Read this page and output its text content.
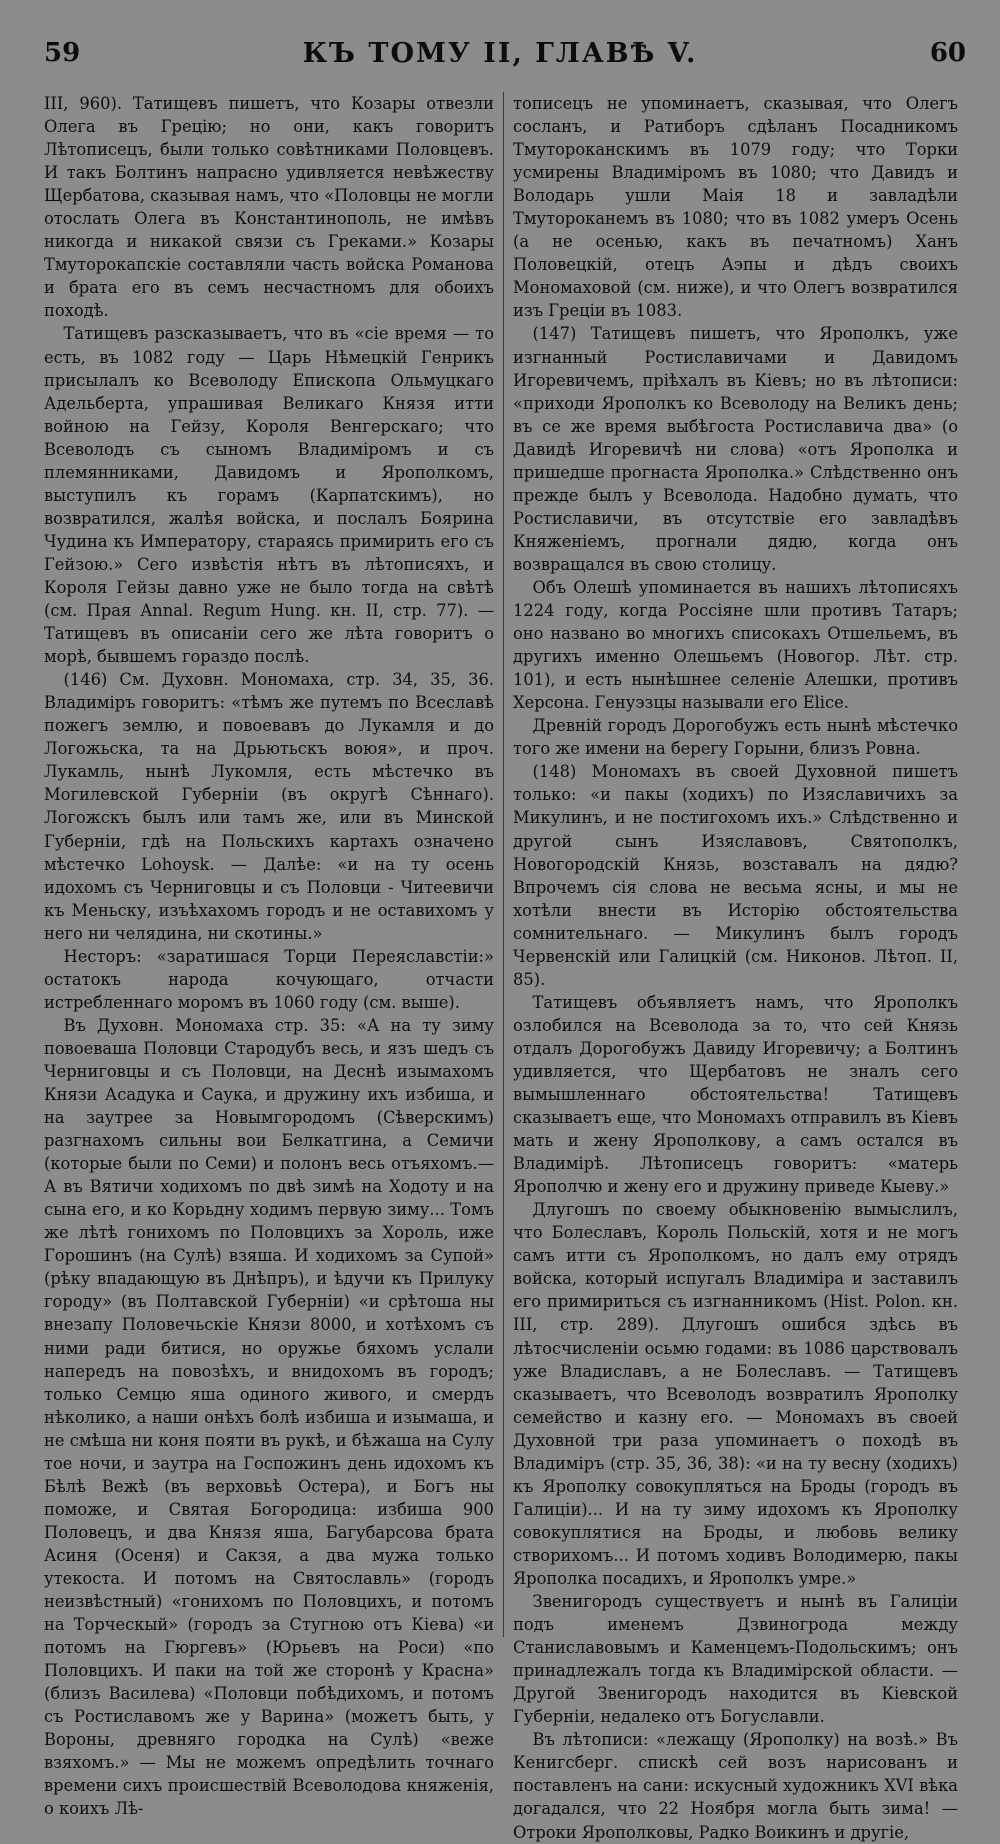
59	КЪ ТОМУ II, ГЛАВѢ V.	60

III, 960). Татищевъ пишетъ, что Козары отвезли Олега въ Грецію; но они, какъ говоритъ Лѣтописецъ, были только совѣтниками Половцевъ. И такъ Болтинъ напрасно удивляется невѣжеству Щербатова, сказывая намъ, что «Половцы не могли отослать Олега въ Константинополь, не имѣвъ никогда и никакой связи съ Греками.» Козары Тмуторокапскіе составляли часть войска Романова и брата его въ семъ несчастномъ для обоихъ походѣ.

Татищевъ разсказываетъ, что въ «сіе время — то есть, въ 1082 году — Царь Нѣмецкій Генрикъ присылалъ ко Всеволоду Епископа Ольмуцкаго Адельберта, упрашивая Великаго Князя итти войною на Гейзу, Короля Венгерскаго; что Всеволодъ съ сыномъ Владиміромъ и съ племянниками, Давидомъ и Ярополкомъ, выступилъ къ горамъ (Карпатскимъ), но возвратился, жалѣя войска, и послалъ Боярина Чудина къ Императору, стараясь примирить его съ Гейзою.» Сего извѣстія нѣтъ въ лѣтописяхъ, и Короля Гейзы давно уже не было тогда на свѣтѣ (см. Прая Annal. Regum Hung. кн. II, стр. 77). — Татищевъ въ описаніи сего же лѣта говоритъ о морѣ, бывшемъ гораздо послѣ.

(146) См. Духовн. Мономаха, стр. 34, 35, 36. Владиміръ говоритъ: «тѣмъ же путемъ по Всеславѣ пожегъ землю, и повоевавъ до Лукамля и до Логожьска, та на Дрьютьскъ воюя», и проч. Лукамль, нынѣ Лукомля, есть мѣстечко въ Могилевской Губерніи (въ округѣ Сѣннаго). Логожскъ былъ или тамъ же, или въ Минской Губерніи, гдѣ на Польскихъ картахъ означено мѣстечко Lohoysk. — Далѣе: «и на ту осень идохомъ съ Черниговцы и съ Половци - Читеевичи къ Меньску, изъѣхахомъ городъ и не оставихомъ у него ни челядина, ни скотины.»

Несторъ: «заратишася Торци Переяславстіи:» остатокъ народа кочующаго, отчасти истребленнаго моромъ въ 1060 году (см. выше).

Въ Духовн. Мономаха стр. 35: «А на ту зиму повоеваша Половци Стародубъ весь, и язъ шедъ съ Черниговцы и съ Половци, на Деснѣ изымахомъ Князи Асадука и Саука, и дружину ихъ избиша, и на заутрее за Новымгородомъ (Сѣверскимъ) разгнахомъ сильны вои Белкатгина, а Семичи (которые были по Семи) и полонъ весь отъяхомъ.— А въ Вятичи ходихомъ по двѣ зимѣ на Ходоту и на сына его, и ко Корьдну ходимъ первую зиму... Томъ же лѣтѣ гонихомъ по Половцихъ за Хороль, иже Горошинъ (на Сулѣ) взяша. И ходихомъ за Супой» (рѣку впадающую въ Днѣпръ), и ѣдучи къ Прилуку городу» (въ Полтавской Губерніи) «и срѣтоша ны внезапу Половечьскіе Князи 8000, и хотѣхомъ съ ними ради битися, но оружье бяхомъ услали напередъ на повозѣхъ, и внидохомъ въ городъ; только Семцю яша одиного живого, и смердъ нѣколико, а наши онѣхъ болѣ избиша и изымаша, и не смѣша ни коня пояти въ рукѣ, и бѣжаша на Сулу тое ночи, и заутра на Госпожинъ день идохомъ къ Бѣлѣ Вежѣ (въ верховьѣ Остера), и Богъ ны поможе, и Святая Богородица: избиша 900 Половецъ, и два Князя яша, Багубарсова брата Асиня (Осеня) и Сакзя, а два мужа только утекоста. И потомъ на Святославль» (городъ неизвѣстный) «гонихомъ по Половцихъ, и потомъ на Торческый» (городъ за Стугною отъ Кіева) «и потомъ на Гюргевъ» (Юрьевъ на Роси) «по Половцихъ. И паки на той же сторонѣ у Красна» (близъ Василева) «Половци побѣдихомъ, и потомъ съ Ростиславомъ же у Варина» (можетъ быть, у Вороны, древняго городка на Сулѣ) «веже взяхомъ.» — Мы не можемъ опредѣлить точнаго времени сихъ происшествій Всеволодова княженія, о коихъ Лѣ-

тописецъ не упоминаетъ, сказывая, что Олегъ сосланъ, и Ратиборъ сдѣланъ Посадникомъ Тмутороканскимъ въ 1079 году; что Торки усмирены Владиміромъ въ 1080; что Давидъ и Володарь ушли Маія 18 и завладѣли Тмутороканемъ въ 1080; что въ 1082 умеръ Осень (а не осенью, какъ въ печатномъ) Ханъ Половецкій, отецъ Аэпы и дѣдъ своихъ Мономаховой (см. ниже), и что Олегъ возвратился изъ Греціи въ 1083.

(147) Татищевъ пишетъ, что Ярополкъ, уже изгнанный Ростиславичами и Давидомъ Игоревичемъ, пріѣхалъ въ Кіевъ; но въ лѣтописи: «приходи Ярополкъ ко Всеволоду на Великъ день; въ се же время выбѣгоста Ростиславича два» (о Давидѣ Игоревичѣ ни слова) «отъ Ярополка и пришедше прогнаста Ярополка.» Слѣдственно онъ прежде былъ у Всеволода. Надобно думать, что Ростиславичи, въ отсутствіе его завладѣвъ Княженіемъ, прогнали дядю, когда онъ возвращался въ свою столицу.

Объ Олешѣ упоминается въ нашихъ лѣтописяхъ 1224 году, когда Россіяне шли противъ Татаръ; оно названо во многихъ списокахъ Отшельемъ, въ другихъ именно Олешьемъ (Новогор. Лѣт. стр. 101), и есть нынѣшнее селеніе Алешки, противъ Херсона. Генуэзцы называли его Elice.

Древній городъ Дорогобужъ есть нынѣ мѣстечко того же имени на берегу Горыни, близъ Ровна.

(148) Мономахъ въ своей Духовной пишетъ только: «и пакы (ходихъ) по Изяславичихъ за Микулинъ, и не постигохомъ ихъ.» Слѣдственно и другой сынъ Изяславовъ, Святополкъ, Новогородскій Князь, возставалъ на дядю? Впрочемъ сія слова не весьма ясны, и мы не хотѣли внести въ Исторію обстоятельства сомнительнаго. — Микулинъ былъ городъ Червенскій или Галицкій (см. Никонов. Лѣтоп. II, 85).

Татищевъ объявляетъ намъ, что Ярополкъ озлобился на Всеволода за то, что сей Князь отдалъ Дорогобужъ Давиду Игоревичу; а Болтинъ удивляется, что Щербатовъ не зналъ сего вымышленнаго обстоятельства! Татищевъ сказываетъ еще, что Мономахъ отправилъ въ Кіевъ мать и жену Ярополкову, а самъ остался въ Владимірѣ. Лѣтописецъ говоритъ: «матерь Ярополчю и жену его и дружину приведе Кыеву.»

Длугошъ по своему обыкновенію вымыслилъ, что Болеславъ, Король Польскій, хотя и не могъ самъ итти съ Ярополкомъ, но далъ ему отрядъ войска, который испугалъ Владиміра и заставилъ его примириться съ изгнанникомъ (Hist. Polon. кн. III, стр. 289). Длугошъ ошибся здѣсь въ лѣтосчисленіи осьмю годами: въ 1086 царствовалъ уже Владиславъ, а не Болеславъ. — Татищевъ сказываетъ, что Всеволодъ возвратилъ Ярополку семейство и казну его. — Мономахъ въ своей Духовной три раза упоминаетъ о походѣ въ Владиміръ (стр. 35, 36, 38): «и на ту весну (ходихъ) къ Ярополку совокупляться на Броды (городъ въ Галиціи)... И на ту зиму идохомъ къ Ярополку совокуплятися на Броды, и любовь велику створихомъ... И потомъ ходивъ Володимерю, пакы Ярополка посадихъ, и Ярополкъ умре.»

Звенигородъ существуетъ и нынѣ въ Галиціи подъ именемъ Дзвиногрода между Станиславовымъ и Каменцемъ-Подольскимъ; онъ принадлежалъ тогда къ Владимірской области. — Другой Звенигородъ находится въ Кіевской Губерніи, недалеко отъ Богуславли.

Въ лѣтописи: «лежащу (Ярополку) на возѣ.» Въ Кенигсберг. спискѣ сей возъ нарисованъ и поставленъ на сани: искусный художникъ XVI вѣка догадался, что 22 Ноября могла быть зима! — Отроки Ярополковы, Радко Воикинъ и другіе,
